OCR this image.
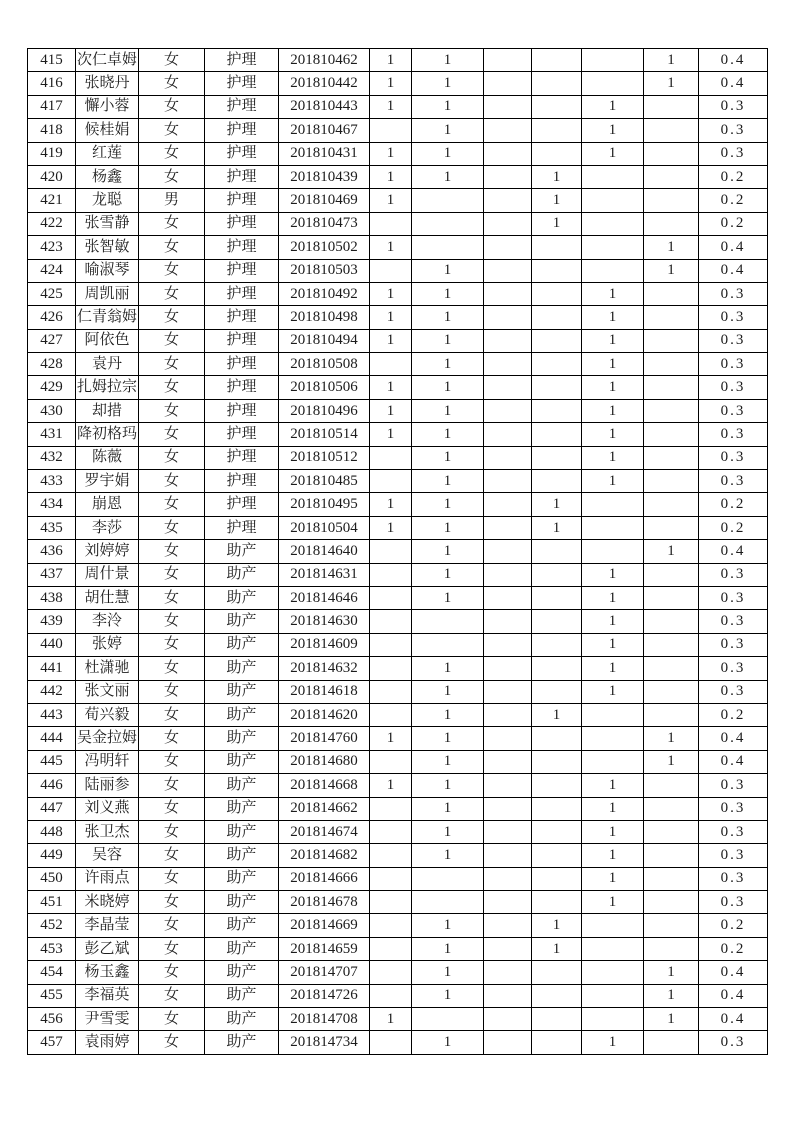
415	次仁卓姆	女	护理	201810462	1	1				1	0.4
416	张晓丹	女	护理	201810442	1	1				1	0.4
417	懈小蓉	女	护理	201810443	1	1			1		0.3
418	候桂娟	女	护理	201810467		1			1		0.3
419	红莲	女	护理	201810431	1	1			1		0.3
420	杨鑫	女	护理	201810439	1	1		1			0.2
421	龙聪	男	护理	201810469	1			1			0.2
422	张雪静	女	护理	201810473				1			0.2
423	张智敏	女	护理	201810502	1					1	0.4
424	喻淑琴	女	护理	201810503		1				1	0.4
425	周凯丽	女	护理	201810492	1	1			1		0.3
426	仁青翁姆	女	护理	201810498	1	1			1		0.3
427	阿依色	女	护理	201810494	1	1			1		0.3
428	袁丹	女	护理	201810508		1			1		0.3
429	扎姆拉宗	女	护理	201810506	1	1			1		0.3
430	却措	女	护理	201810496	1	1			1		0.3
431	降初格玛	女	护理	201810514	1	1			1		0.3
432	陈薇	女	护理	201810512		1			1		0.3
433	罗宇娟	女	护理	201810485		1			1		0.3
434	崩恩	女	护理	201810495	1	1		1			0.2
435	李莎	女	护理	201810504	1	1		1			0.2
436	刘婷婷	女	助产	201814640		1				1	0.4
437	周什景	女	助产	201814631		1			1		0.3
438	胡仕慧	女	助产	201814646		1			1		0.3
439	李泠	女	助产	201814630					1		0.3
440	张婷	女	助产	201814609					1		0.3
441	杜潇驰	女	助产	201814632		1			1		0.3
442	张文丽	女	助产	201814618		1			1		0.3
443	荀兴毅	女	助产	201814620		1		1			0.2
444	吴金拉姆	女	助产	201814760	1	1				1	0.4
445	冯明轩	女	助产	201814680		1				1	0.4
446	陆丽参	女	助产	201814668	1	1			1		0.3
447	刘义燕	女	助产	201814662		1			1		0.3
448	张卫杰	女	助产	201814674		1			1		0.3
449	吴容	女	助产	201814682		1			1		0.3
450	许雨点	女	助产	201814666					1		0.3
451	米晓婷	女	助产	201814678					1		0.3
452	李晶莹	女	助产	201814669		1		1			0.2
453	彭乙斌	女	助产	201814659		1		1			0.2
454	杨玉鑫	女	助产	201814707		1				1	0.4
455	李福英	女	助产	201814726		1				1	0.4
456	尹雪雯	女	助产	201814708	1					1	0.4
457	袁雨婷	女	助产	201814734		1			1		0.3
